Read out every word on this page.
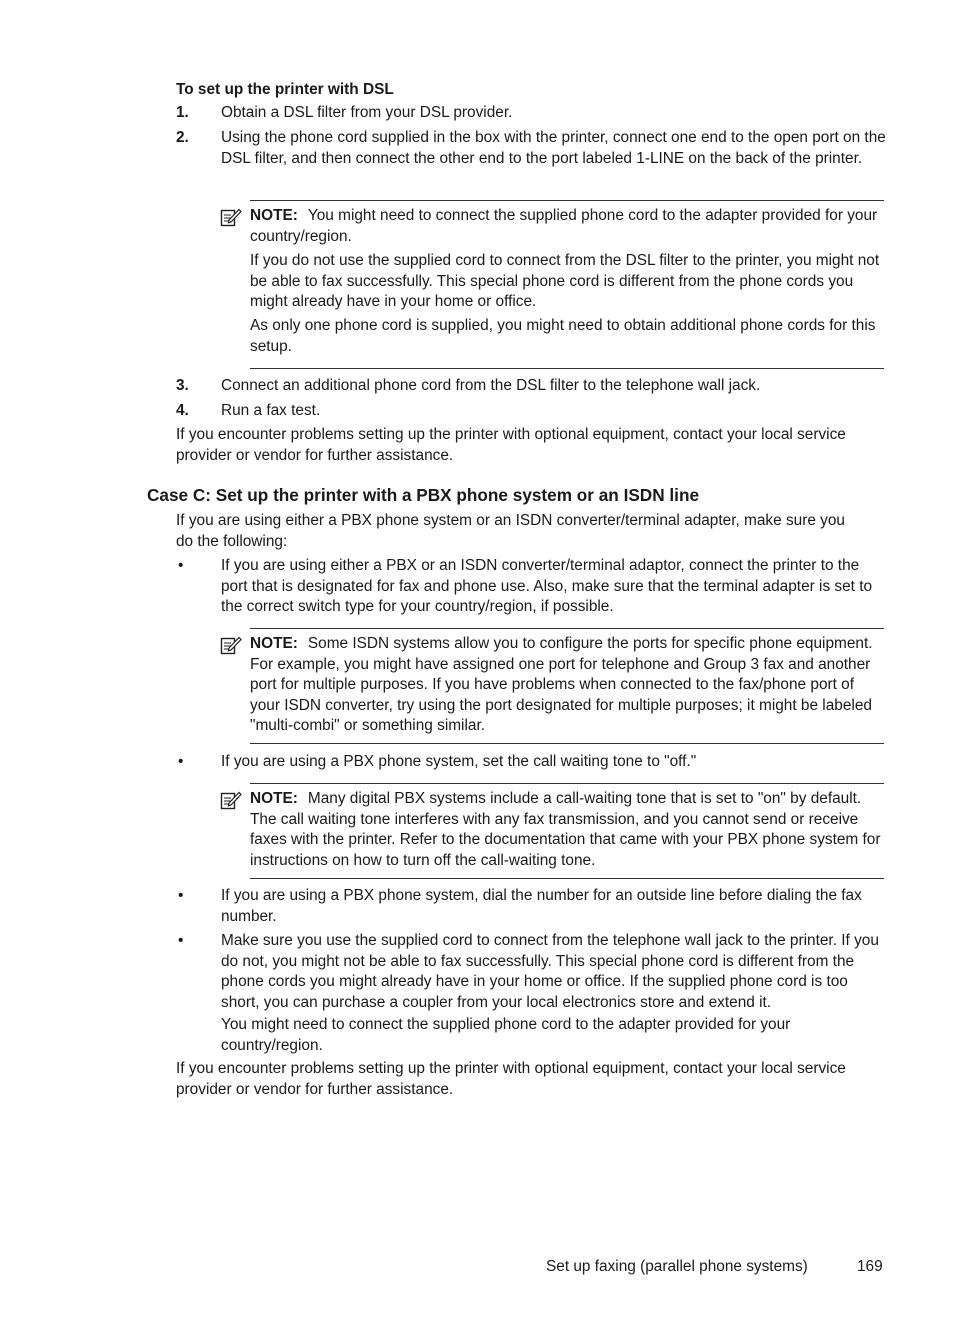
To set up the printer with DSL
1. Obtain a DSL filter from your DSL provider.
2. Using the phone cord supplied in the box with the printer, connect one end to the open port on the DSL filter, and then connect the other end to the port labeled 1-LINE on the back of the printer.
NOTE: You might need to connect the supplied phone cord to the adapter provided for your country/region.
If you do not use the supplied cord to connect from the DSL filter to the printer, you might not be able to fax successfully. This special phone cord is different from the phone cords you might already have in your home or office.
As only one phone cord is supplied, you might need to obtain additional phone cords for this setup.
3. Connect an additional phone cord from the DSL filter to the telephone wall jack.
4. Run a fax test.
If you encounter problems setting up the printer with optional equipment, contact your local service provider or vendor for further assistance.
Case C: Set up the printer with a PBX phone system or an ISDN line
If you are using either a PBX phone system or an ISDN converter/terminal adapter, make sure you do the following:
• If you are using either a PBX or an ISDN converter/terminal adaptor, connect the printer to the port that is designated for fax and phone use. Also, make sure that the terminal adapter is set to the correct switch type for your country/region, if possible.
NOTE: Some ISDN systems allow you to configure the ports for specific phone equipment. For example, you might have assigned one port for telephone and Group 3 fax and another port for multiple purposes. If you have problems when connected to the fax/phone port of your ISDN converter, try using the port designated for multiple purposes; it might be labeled "multi-combi" or something similar.
• If you are using a PBX phone system, set the call waiting tone to "off."
NOTE: Many digital PBX systems include a call-waiting tone that is set to "on" by default. The call waiting tone interferes with any fax transmission, and you cannot send or receive faxes with the printer. Refer to the documentation that came with your PBX phone system for instructions on how to turn off the call-waiting tone.
• If you are using a PBX phone system, dial the number for an outside line before dialing the fax number.
• Make sure you use the supplied cord to connect from the telephone wall jack to the printer. If you do not, you might not be able to fax successfully. This special phone cord is different from the phone cords you might already have in your home or office. If the supplied phone cord is too short, you can purchase a coupler from your local electronics store and extend it.
You might need to connect the supplied phone cord to the adapter provided for your country/region.
If you encounter problems setting up the printer with optional equipment, contact your local service provider or vendor for further assistance.
Set up faxing (parallel phone systems)	169
